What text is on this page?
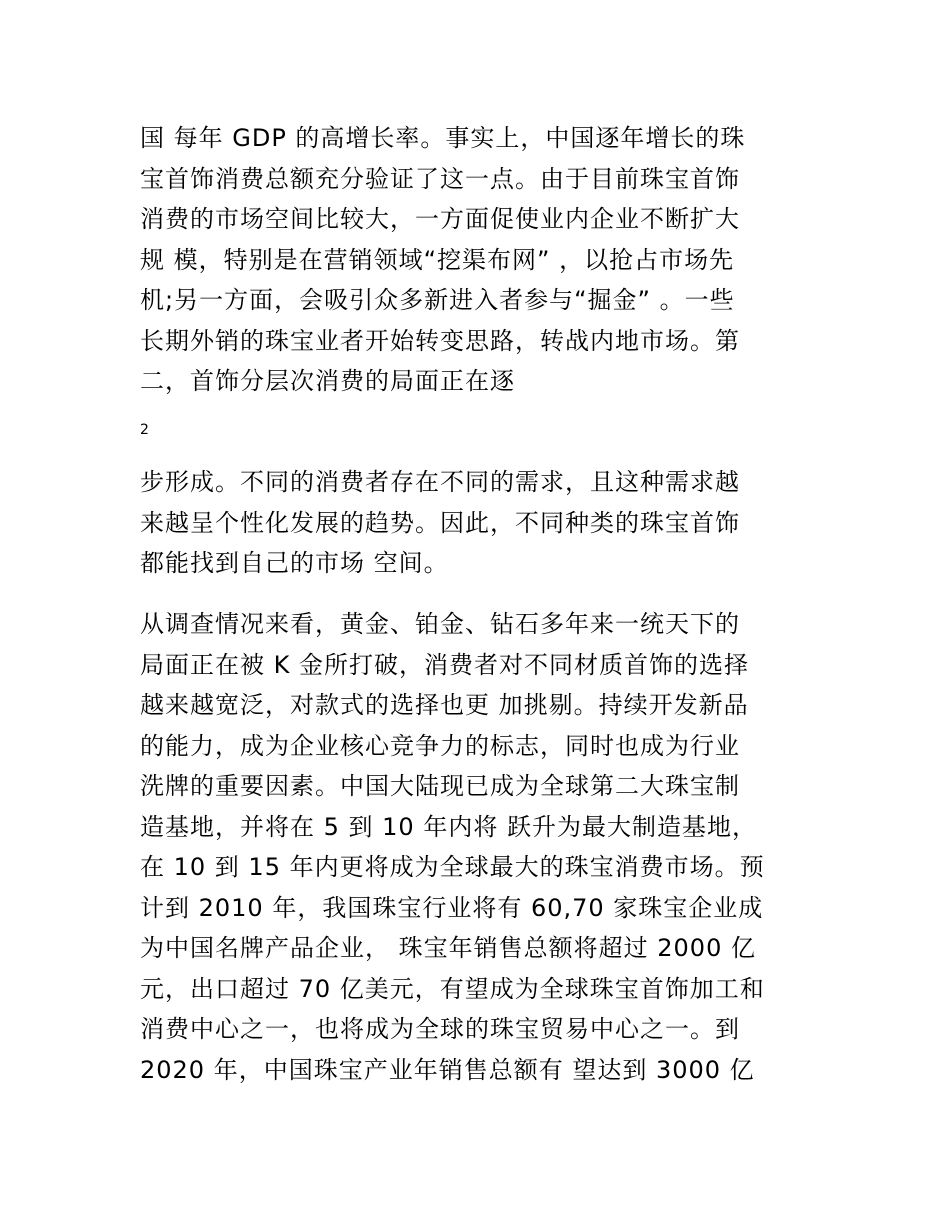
国 每年 GDP 的高增长率。事实上，中国逐年增长的珠
宝首饰消费总额充分验证了这一点。由于目前珠宝首饰
消费的市场空间比较大，一方面促使业内企业不断扩大
规 模，特别是在营销领域“挖渠布网” ，以抢占市场先
机;另一方面，会吸引众多新进入者参与“掘金” 。一些
长期外销的珠宝业者开始转变思路，转战内地市场。第
二，首饰分层次消费的局面正在逐
2
步形成。不同的消费者存在不同的需求，且这种需求越
来越呈个性化发展的趋势。因此，不同种类的珠宝首饰
都能找到自己的市场 空间。
从调查情况来看，黄金、铂金、钻石多年来一统天下的
局面正在被 K 金所打破，消费者对不同材质首饰的选择
越来越宽泛，对款式的选择也更 加挑剔。持续开发新品
的能力，成为企业核心竞争力的标志，同时也成为行业
洗牌的重要因素。中国大陆现已成为全球第二大珠宝制
造基地，并将在 5 到 10 年内将 跃升为最大制造基地，
在 10 到 15 年内更将成为全球最大的珠宝消费市场。预
计到 2010 年，我国珠宝行业将有 60,70 家珠宝企业成
为中国名牌产品企业， 珠宝年销售总额将超过 2000 亿
元，出口超过 70 亿美元，有望成为全球珠宝首饰加工和
消费中心之一，也将成为全球的珠宝贸易中心之一。到
2020 年，中国珠宝产业年销售总额有 望达到 3000 亿
